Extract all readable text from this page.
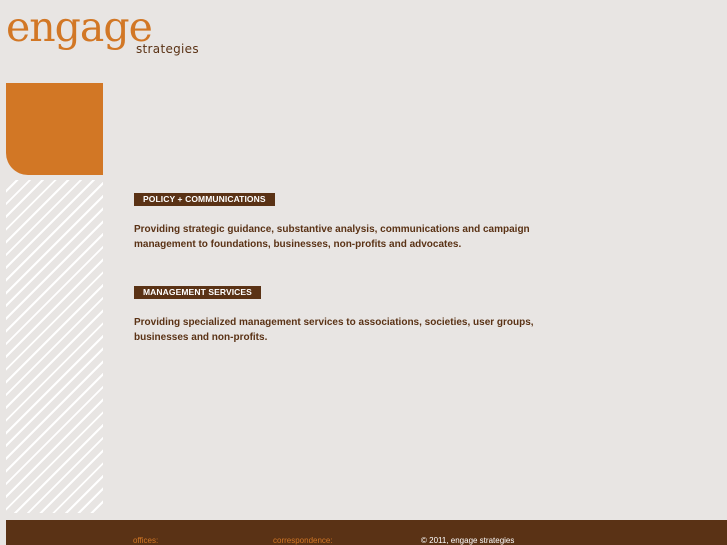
engage
strategies
POLICY + COMMUNICATIONS
Providing strategic guidance, substantive analysis, communications and campaign management to foundations, businesses, non-profits and advocates.
MANAGEMENT SERVICES
Providing specialized management services to associations, societies, user groups, businesses and non-profits.
offices:	correspondence:	© 2011, engage strategies
